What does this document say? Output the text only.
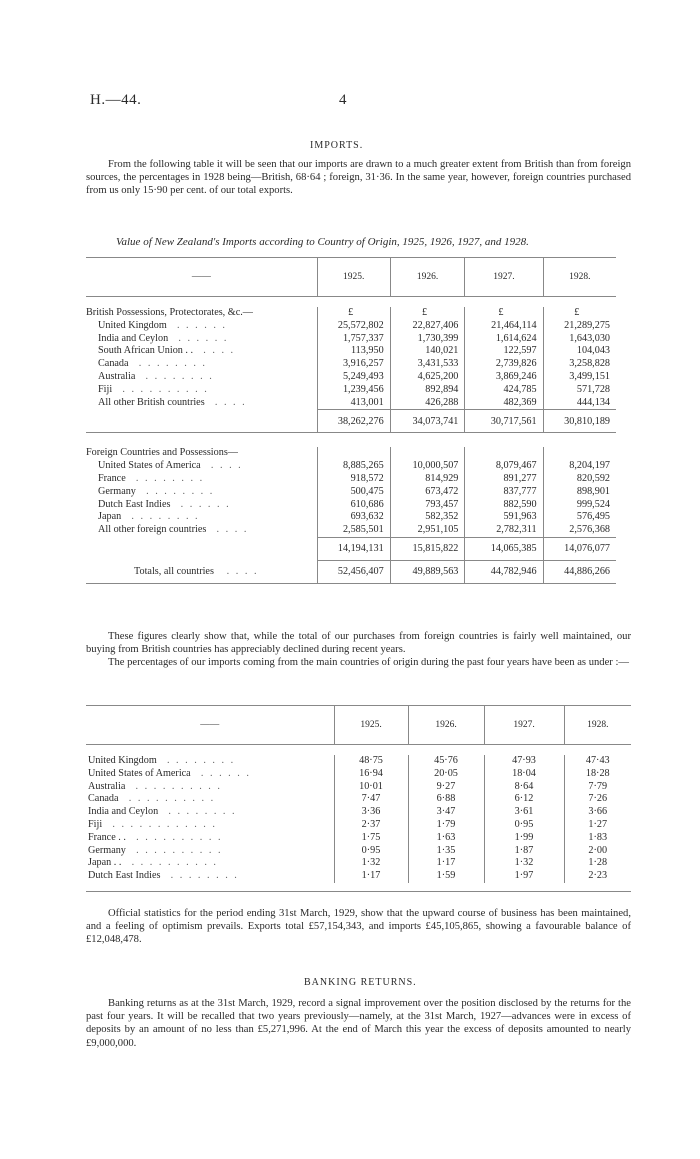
H.—44.	4
IMPORTS.

From the following table it will be seen that our imports are drawn to a much greater extent from British than from foreign sources, the percentages in 1928 being—British, 68·64 ; foreign, 31·36. In the same year, however, foreign countries purchased from us only 15·90 per cent. of our total exports.

Value of New Zealand's Imports according to Country of Origin, 1925, 1926, 1927, and 1928.
——	1925.	1926.	1927.	1928.

British Possessions, Protectorates, &c.—	£	£	£	£
United Kingdom . . . . . .	25,572,802	22,827,406	21,464,114	21,289,275
India and Ceylon . . . . . .	1,757,337	1,730,399	1,614,624	1,643,030
South African Union . . . . . .	113,950	140,021	122,597	104,043
Canada . . . . . . . .	3,916,257	3,431,533	2,739,826	3,258,828
Australia . . . . . . . .	5,249,493	4,625,200	3,869,246	3,499,151
Fiji . . . . . . . . . .	1,239,456	892,894	424,785	571,728
All other British countries . . . .	413,001	426,288	482,369	444,134
	38,262,276	34,073,741	30,717,561	30,810,189

Foreign Countries and Possessions—				
United States of America . . . .	8,885,265	10,000,507	8,079,467	8,204,197
France . . . . . . . .	918,572	814,929	891,277	820,592
Germany . . . . . . . .	500,475	673,472	837,777	898,901
Dutch East Indies . . . . . .	610,686	793,457	882,590	999,524
Japan . . . . . . . .	693,632	582,352	591,963	576,495
All other foreign countries . . . .	2,585,501	2,951,105	2,782,311	2,576,368
	14,194,131	15,815,822	14,065,385	14,076,077
Totals, all countries . . . .	52,456,407	49,889,563	44,782,946	44,886,266

These figures clearly show that, while the total of our purchases from foreign countries is fairly well maintained, our buying from British countries has appreciably declined during recent years.

The percentages of our imports coming from the main countries of origin during the past four years have been as under :—

——	1925.	1926.	1927.	1928.

United Kingdom . . . . . . . .	48·75	45·76	47·93	47·43
United States of America . . . . . .	16·94	20·05	18·04	18·28
Australia . . . . . . . . . .	10·01	9·27	8·64	7·79
Canada . . . . . . . . . .	7·47	6·88	6·12	7·26
India and Ceylon . . . . . . . .	3·36	3·47	3·61	3·66
Fiji . . . . . . . . . . . .	2·37	1·79	0·95	1·27
France . . . . . . . . . . . .	1·75	1·63	1·99	1·83
Germany . . . . . . . . . .	0·95	1·35	1·87	2·00
Japan . . . . . . . . . . . .	1·32	1·17	1·32	1·28
Dutch East Indies . . . . . . . .	1·17	1·59	1·97	2·23

Official statistics for the period ending 31st March, 1929, show that the upward course of business has been maintained, and a feeling of optimism prevails. Exports total £57,154,343, and imports £45,105,865, showing a favourable balance of £12,048,478.

BANKING RETURNS.

Banking returns as at the 31st March, 1929, record a signal improvement over the position disclosed by the returns for the past four years. It will be recalled that two years previously—namely, at the 31st March, 1927—advances were in excess of deposits by an amount of no less than £5,271,996. At the end of March this year the excess of deposits amounted to nearly £9,000,000.
